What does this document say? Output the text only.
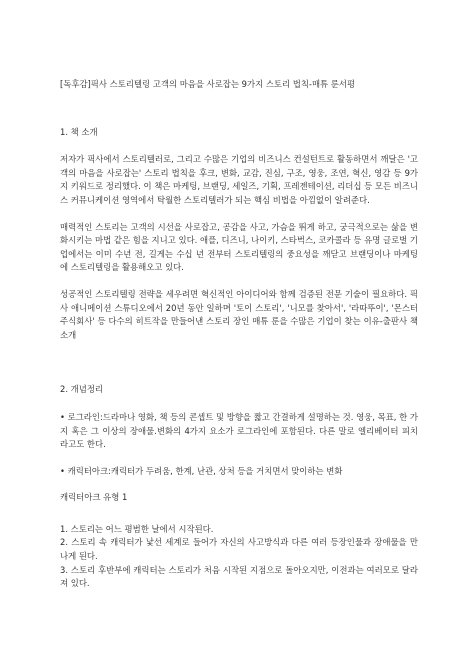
[독후감]픽사 스토리텔링 고객의 마음을 사로잡는 9가지 스토리 법칙-매튜 룬서평
1. 책 소개

저자가 픽사에서 스토리텔러로, 그리고 수많은 기업의 비즈니스 컨설턴트로 활동하면서 깨달은 '고객의 마음을 사로잡는' 스토리 법칙을 후크, 변화, 교감, 진심, 구조, 영웅, 조연, 혁신, 영감 등 9가지 키워드로 정리했다. 이 책은 마케팅, 브랜딩, 세일즈, 기획, 프레젠테이션, 리더십 등 모든 비즈니스 커뮤니케이션 영역에서 탁월한 스토리텔러가 되는 핵심 비법을 아낌없이 알려준다.

매력적인 스토리는 고객의 시선을 사로잡고, 공감을 사고, 가슴을 뛰게 하고, 궁극적으로는 삶을 변화시키는 마법 같은 힘을 지니고 있다. 애플, 디즈니, 나이키, 스타벅스, 코카콜라 등 유명 글로벌 기업에서는 이미 수년 전, 길게는 수십 년 전부터 스토리텔링의 중요성을 깨닫고 브랜딩이나 마케팅에 스토리텔링을 활용해오고 있다.

성공적인 스토리텔링 전략을 세우려면 혁신적인 아이디어와 함께 검증된 전문 기술이 필요하다. 픽사 애니메이션 스튜디오에서 20년 동안 일하며 '토이 스토리', '니모를 찾아서', '라따뚜이', '몬스터주식회사' 등 다수의 히트작을 만들어낸 스토리 장인 매튜 룬을 수많은 기업이 찾는 이유-출판사 책 소개

2. 개념정리
• 로그라인:드라마나 영화, 책 등의 콘셉트 및 방향을 짧고 간결하게 설명하는 것. 영웅, 목표, 한 가지 혹은 그 이상의 장애물.변화의 4가지 요소가 로그라인에 포함된다. 다른 말로 엘리베이터 피치라고도 한다.
• 캐릭터아크:캐릭터가 두려움, 한계, 난관, 상처 등을 거치면서 맞이하는 변화
캐릭터아크 유형 1
1. 스토리는 어느 평범한 날에서 시작된다.
2. 스토리 속 캐릭터가 낯선 세계로 들어가 자신의 사고방식과 다른 여러 등장인물과 장애물을 만나게 된다.
3. 스토리 후반부에 캐릭터는 스토리가 처음 시작된 지점으로 돌아오지만, 이전과는 여러모로 달라져 있다.
